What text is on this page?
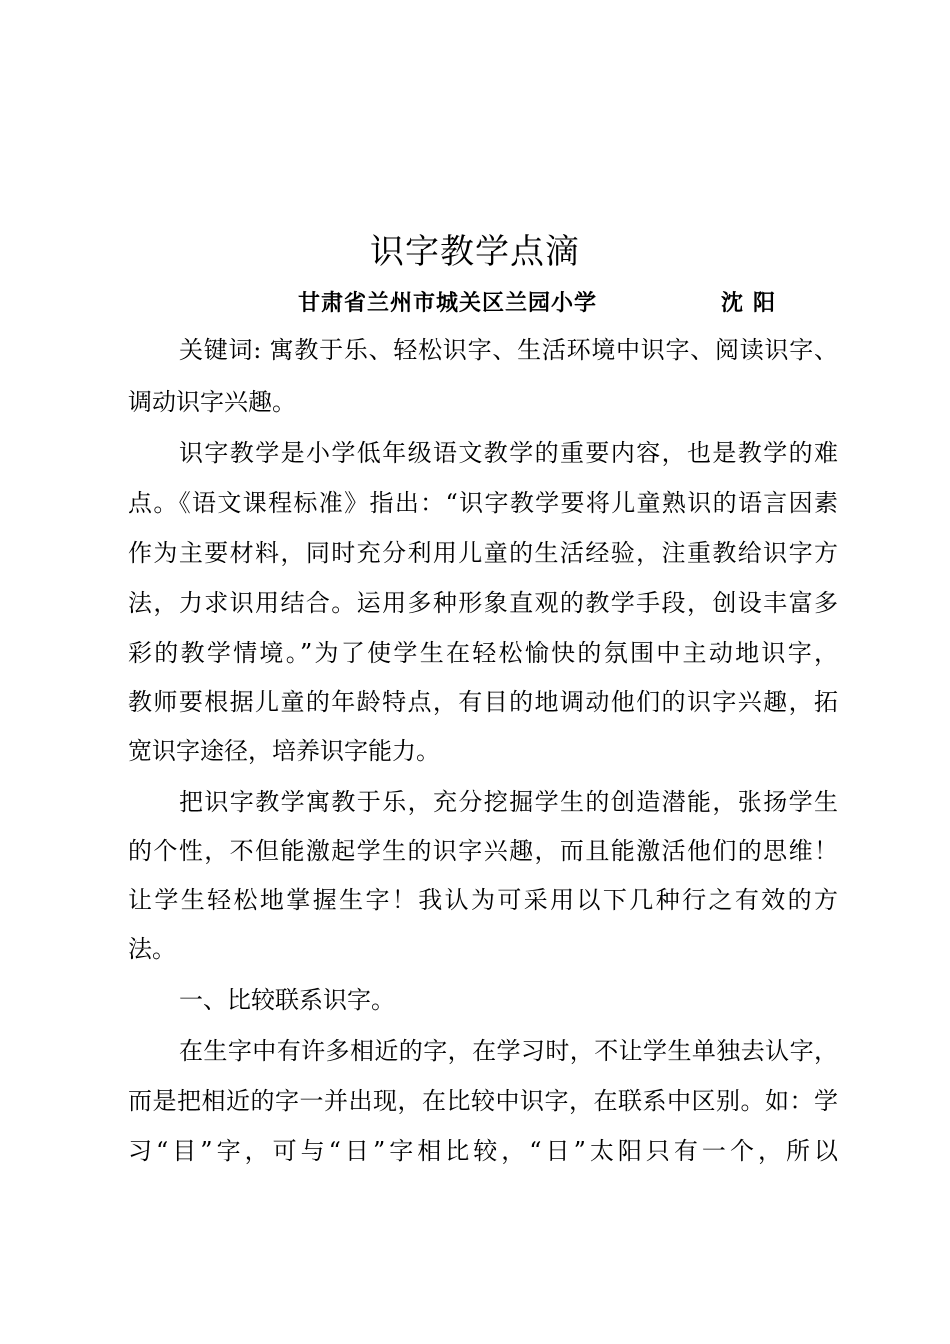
识字教学点滴
甘肃省兰州市城关区兰园小学	沈阳
关键词: 寓教于乐、轻松识字、生活环境中识字、阅读识字、
调动识字兴趣。
识字教学是小学低年级语文教学的重要内容，也是教学的难
点。《语文课程标准》指出：“识字教学要将儿童熟识的语言因素
作为主要材料，同时充分利用儿童的生活经验，注重教给识字方
法，力求识用结合。运用多种形象直观的教学手段，创设丰富多
彩的教学情境。”为了使学生在轻松愉快的氛围中主动地识字，
教师要根据儿童的年龄特点，有目的地调动他们的识字兴趣，拓
宽识字途径，培养识字能力。
把识字教学寓教于乐，充分挖掘学生的创造潜能，张扬学生
的个性，不但能激起学生的识字兴趣，而且能激活他们的思维！
让学生轻松地掌握生字！我认为可采用以下几种行之有效的方
法。
一、比较联系识字。
在生字中有许多相近的字，在学习时，不让学生单独去认字，
而是把相近的字一并出现，在比较中识字，在联系中区别。如：学
习“目”字，可与“日”字相比较，“日”太阳只有一个，所以
